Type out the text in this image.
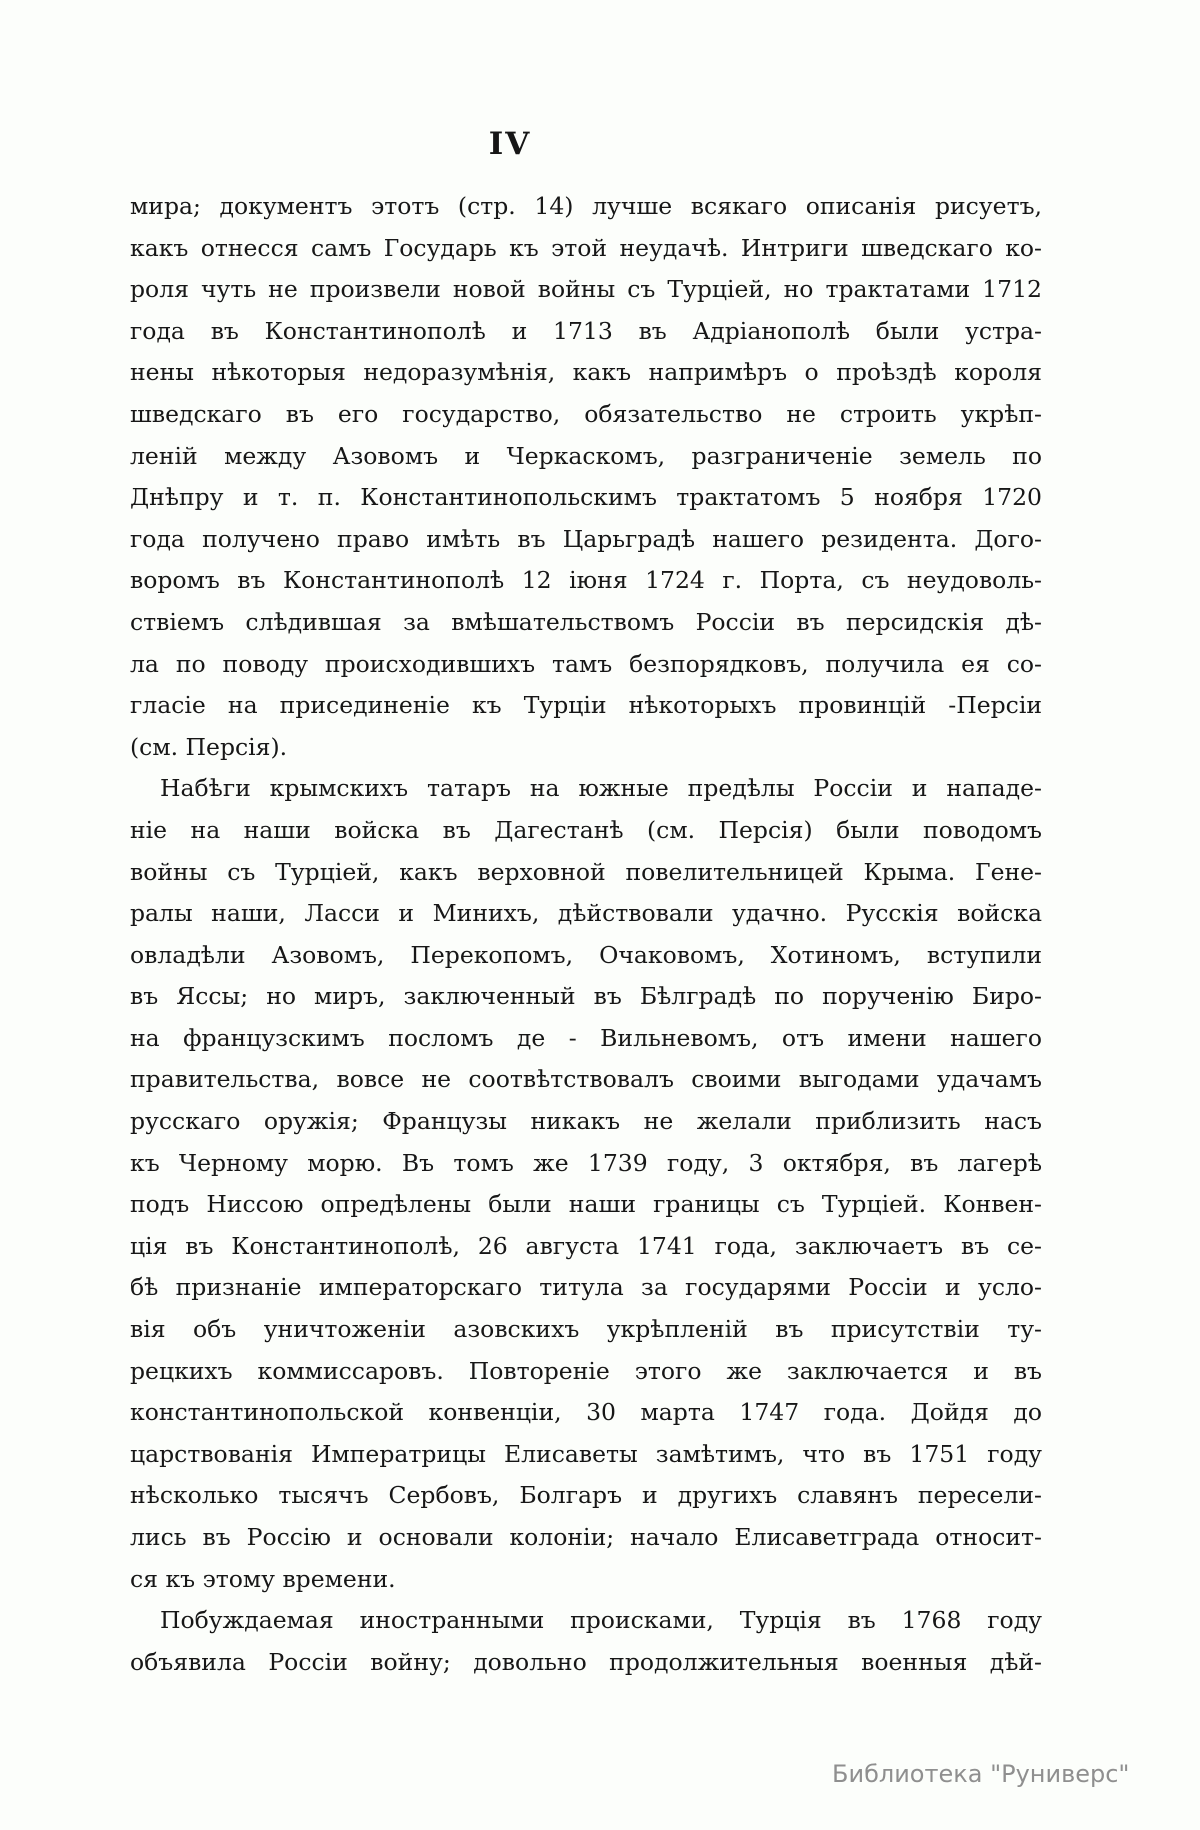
IV
мира; документъ этотъ (стр. 14) лучше всякаго описанія рисуетъ,
какъ отнесся самъ Государь къ этой неудачѣ. Интриги шведскаго ко-
роля чуть не произвели новой войны съ Турціей, но трактатами 1712
года въ Константинополѣ и 1713 въ Адріанополѣ были устра-
нены нѣкоторыя недоразумѣнія, какъ напримѣръ о проѣздѣ короля
шведскаго въ его государство, обязательство не строить укрѣп-
леній между Азовомъ и Черкаскомъ, разграниченіе земель по
Днѣпру и т. п. Константинопольскимъ трактатомъ 5 ноября 1720
года получено право имѣть въ Царьградѣ нашего резидента. Дого-
воромъ въ Константинополѣ 12 іюня 1724 г. Порта, съ неудоволь-
ствіемъ слѣдившая за вмѣшательствомъ Россіи въ персидскія дѣ-
ла по поводу происходившихъ тамъ безпорядковъ, получила ея со-
гласіе на присединеніе къ Турціи нѣкоторыхъ провинцій -Персіи
(см. Персія).
Набѣги крымскихъ татаръ на южные предѣлы Россіи и нападе-
ніе на наши войска въ Дагестанѣ (см. Персія) были поводомъ
войны съ Турціей, какъ верховной повелительницей Крыма. Гене-
ралы наши, Ласси и Минихъ, дѣйствовали удачно. Русскія войска
овладѣли Азовомъ, Перекопомъ, Очаковомъ, Хотиномъ, вступили
въ Яссы; но миръ, заключенный въ Бѣлградѣ по порученію Биро-
на французскимъ посломъ де - Вильневомъ, отъ имени нашего
правительства, вовсе не соотвѣтствовалъ своими выгодами удачамъ
русскаго оружія; Французы никакъ не желали приблизить насъ
къ Черному морю. Въ томъ же 1739 году, 3 октября, въ лагерѣ
подъ Ниссою опредѣлены были наши границы съ Турціей. Конвен-
ція въ Константинополѣ, 26 августа 1741 года, заключаетъ въ се-
бѣ признаніе императорскаго титула за государями Россіи и усло-
вія объ уничтоженіи азовскихъ укрѣпленій въ присутствіи ту-
рецкихъ коммиссаровъ. Повтореніе этого же заключается и въ
константинопольской конвенціи, 30 марта 1747 года. Дойдя до
царствованія Императрицы Елисаветы замѣтимъ, что въ 1751 году
нѣсколько тысячъ Сербовъ, Болгаръ и другихъ славянъ пересели-
лись въ Россію и основали колоніи; начало Елисаветграда относит-
ся къ этому времени.
Побуждаемая иностранными происками, Турція въ 1768 году
объявила Россіи войну; довольно продолжительныя военныя дѣй-
Библиотека "Руниверс"
